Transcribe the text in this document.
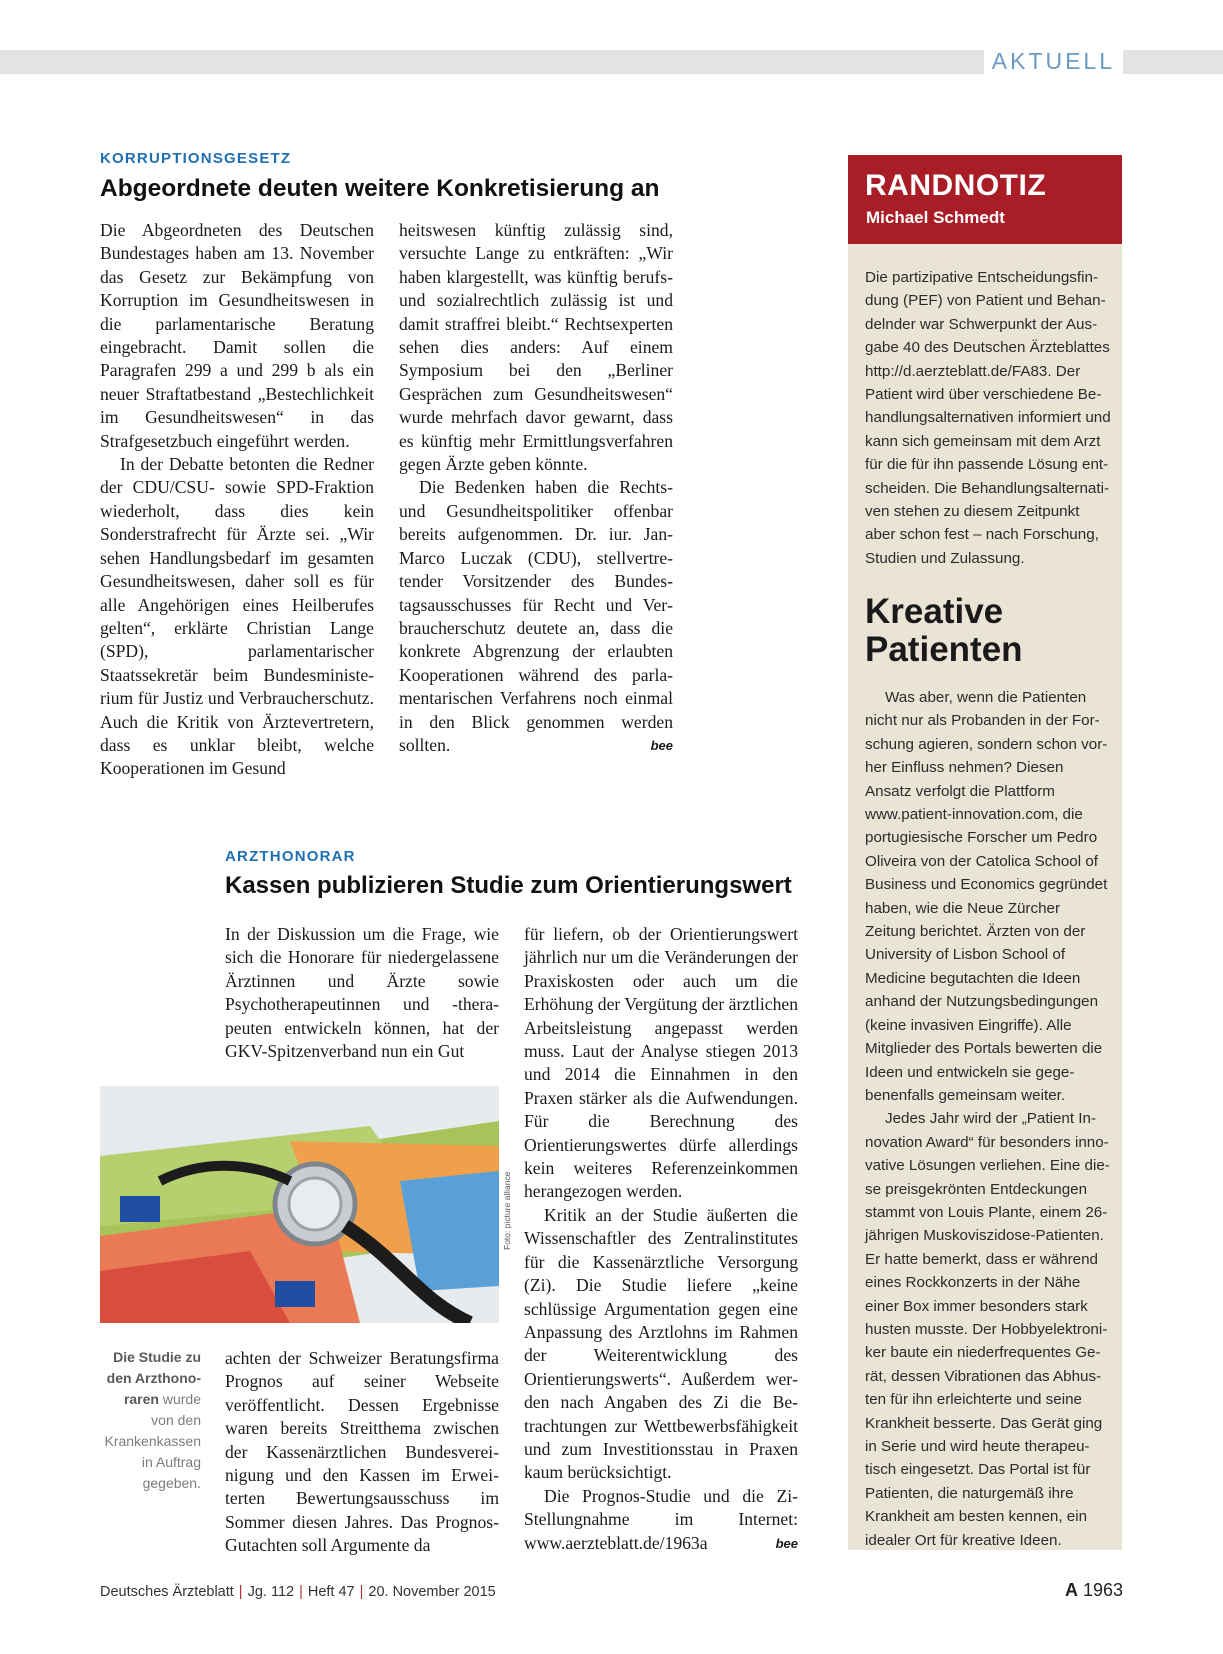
AKTUELL
KORRUPTIONSGESETZ
Abgeordnete deuten weitere Konkretisierung an

Die Abgeordneten des Deutschen Bundestages haben am 13. November das Gesetz zur Bekämpfung von Korruption im Gesundheitswesen in die parlamentarische Beratung eingebracht. Damit sollen die Paragrafen 299 a und 299 b als ein neuer Straftatbestand „Bestechlichkeit im Gesundheitswesen“ in das Strafgesetzbuch eingeführt werden.

In der Debatte betonten die Redner der CDU/CSU- sowie SPD-Fraktion wiederholt, dass dies kein Sonderstrafrecht für Ärzte sei. „Wir sehen Handlungsbedarf im gesamten Gesundheitswesen, daher soll es für alle Angehörigen eines Heilberufes gelten“, erklärte Christian Lange (SPD), parlamentarischer Staatssekretär beim Bundesministerium für Justiz und Verbraucherschutz. Auch die Kritik von Ärztevertretern, dass es unklar bleibt, welche Kooperationen im Gesund

heitswesen künftig zulässig sind, versuchte Lange zu entkräften: „Wir haben klargestellt, was künftig berufs- und sozialrechtlich zulässig ist und damit straffrei bleibt.“ Rechtsexperten sehen dies anders: Auf einem Symposium bei den „Berliner Gesprächen zum Gesundheitswesen“ wurde mehrfach davor gewarnt, dass es künftig mehr Ermittlungsverfahren gegen Ärzte geben könnte.

Die Bedenken haben die Rechts- und Gesundheitspolitiker offenbar bereits aufgenommen. Dr. iur. Jan-Marco Luczak (CDU), stellvertretender Vorsitzender des Bundestagsausschusses für Recht und Verbraucherschutz deutete an, dass die konkrete Abgrenzung der erlaubten Kooperationen während des parlamentarischen Verfahrens noch einmal in den Blick genommen werden sollten.	bee

ARZTHONORAR
Kassen publizieren Studie zum Orientierungswert

In der Diskussion um die Frage, wie sich die Honorare für niedergelassene Ärztinnen und Ärzte sowie Psychotherapeutinnen und -therapeuten entwickeln können, hat der GKV-Spitzenverband nun ein Gut

Foto: picture alliance
Die Studie zu den Arzthonoraren wurde von den Krankenkassen in Auftrag gegeben.

achten der Schweizer Beratungsfirma Prognos auf seiner Webseite veröffentlicht. Dessen Ergebnisse waren bereits Streitthema zwischen der Kassenärztlichen Bundesvereinigung und den Kassen im Erweiterten Bewertungsausschuss im Sommer diesen Jahres. Das Prognos-Gutachten soll Argumente da

für liefern, ob der Orientierungswert jährlich nur um die Veränderungen der Praxiskosten oder auch um die Erhöhung der Vergütung der ärztlichen Arbeitsleistung angepasst werden muss. Laut der Analyse stiegen 2013 und 2014 die Einnahmen in den Praxen stärker als die Aufwendungen. Für die Berechnung des Orientierungswertes dürfe allerdings kein weiteres Referenzeinkommen herangezogen werden.

Kritik an der Studie äußerten die Wissenschaftler des Zentralinstitutes für die Kassenärztliche Versorgung (Zi). Die Studie liefere „keine schlüssige Argumentation gegen eine Anpassung des Arztlohns im Rahmen der Weiterentwicklung des Orientierungswerts“. Außerdem werden nach Angaben des Zi die Betrachtungen zur Wettbewerbsfähigkeit und zum Investitionsstau in Praxen kaum berücksichtigt.

Die Prognos-Studie und die Zi-Stellungnahme im Internet: www.aerzteblatt.de/1963a	bee

RANDNOTIZ
Michael Schmedt

Die partizipative Entscheidungsfindung (PEF) von Patient und Behandelnder war Schwerpunkt der Ausgabe 40 des Deutschen Ärzteblattes http://d.aerzteblatt.de/FA83. Der Patient wird über verschiedene Behandlungsalternativen informiert und kann sich gemeinsam mit dem Arzt für die für ihn passende Lösung entscheiden. Die Behandlungsalternativen stehen zu diesem Zeitpunkt aber schon fest – nach Forschung, Studien und Zulassung.

Kreative
Patienten

Was aber, wenn die Patienten nicht nur als Probanden in der Forschung agieren, sondern schon vorher Einfluss nehmen? Diesen Ansatz verfolgt die Plattform www.patient-innovation.com, die portugiesische Forscher um Pedro Oliveira von der Catolica School of Business und Economics gegründet haben, wie die Neue Zürcher Zeitung berichtet. Ärzten von der University of Lisbon School of Medicine begutachten die Ideen anhand der Nutzungsbedingungen (keine invasiven Eingriffe). Alle Mitglieder des Portals bewerten die Ideen und entwickeln sie gegebenenfalls gemeinsam weiter.

Jedes Jahr wird der „Patient Innovation Award“ für besonders innovative Lösungen verliehen. Eine diese preisgekrönten Entdeckungen stammt von Louis Plante, einem 26-jährigen Muskoviszidose-Patienten. Er hatte bemerkt, dass er während eines Rockkonzerts in der Nähe einer Box immer besonders stark husten musste. Der Hobbyelektroniker baute ein niederfrequentes Gerät, dessen Vibrationen das Abhusten für ihn erleichterte und seine Krankheit besserte. Das Gerät ging in Serie und wird heute therapeutisch eingesetzt. Das Portal ist für Patienten, die naturgemäß ihre Krankheit am besten kennen, ein idealer Ort für kreative Ideen.

Deutsches Ärzteblatt | Jg. 112 | Heft 47 | 20. November 2015	A 1963
